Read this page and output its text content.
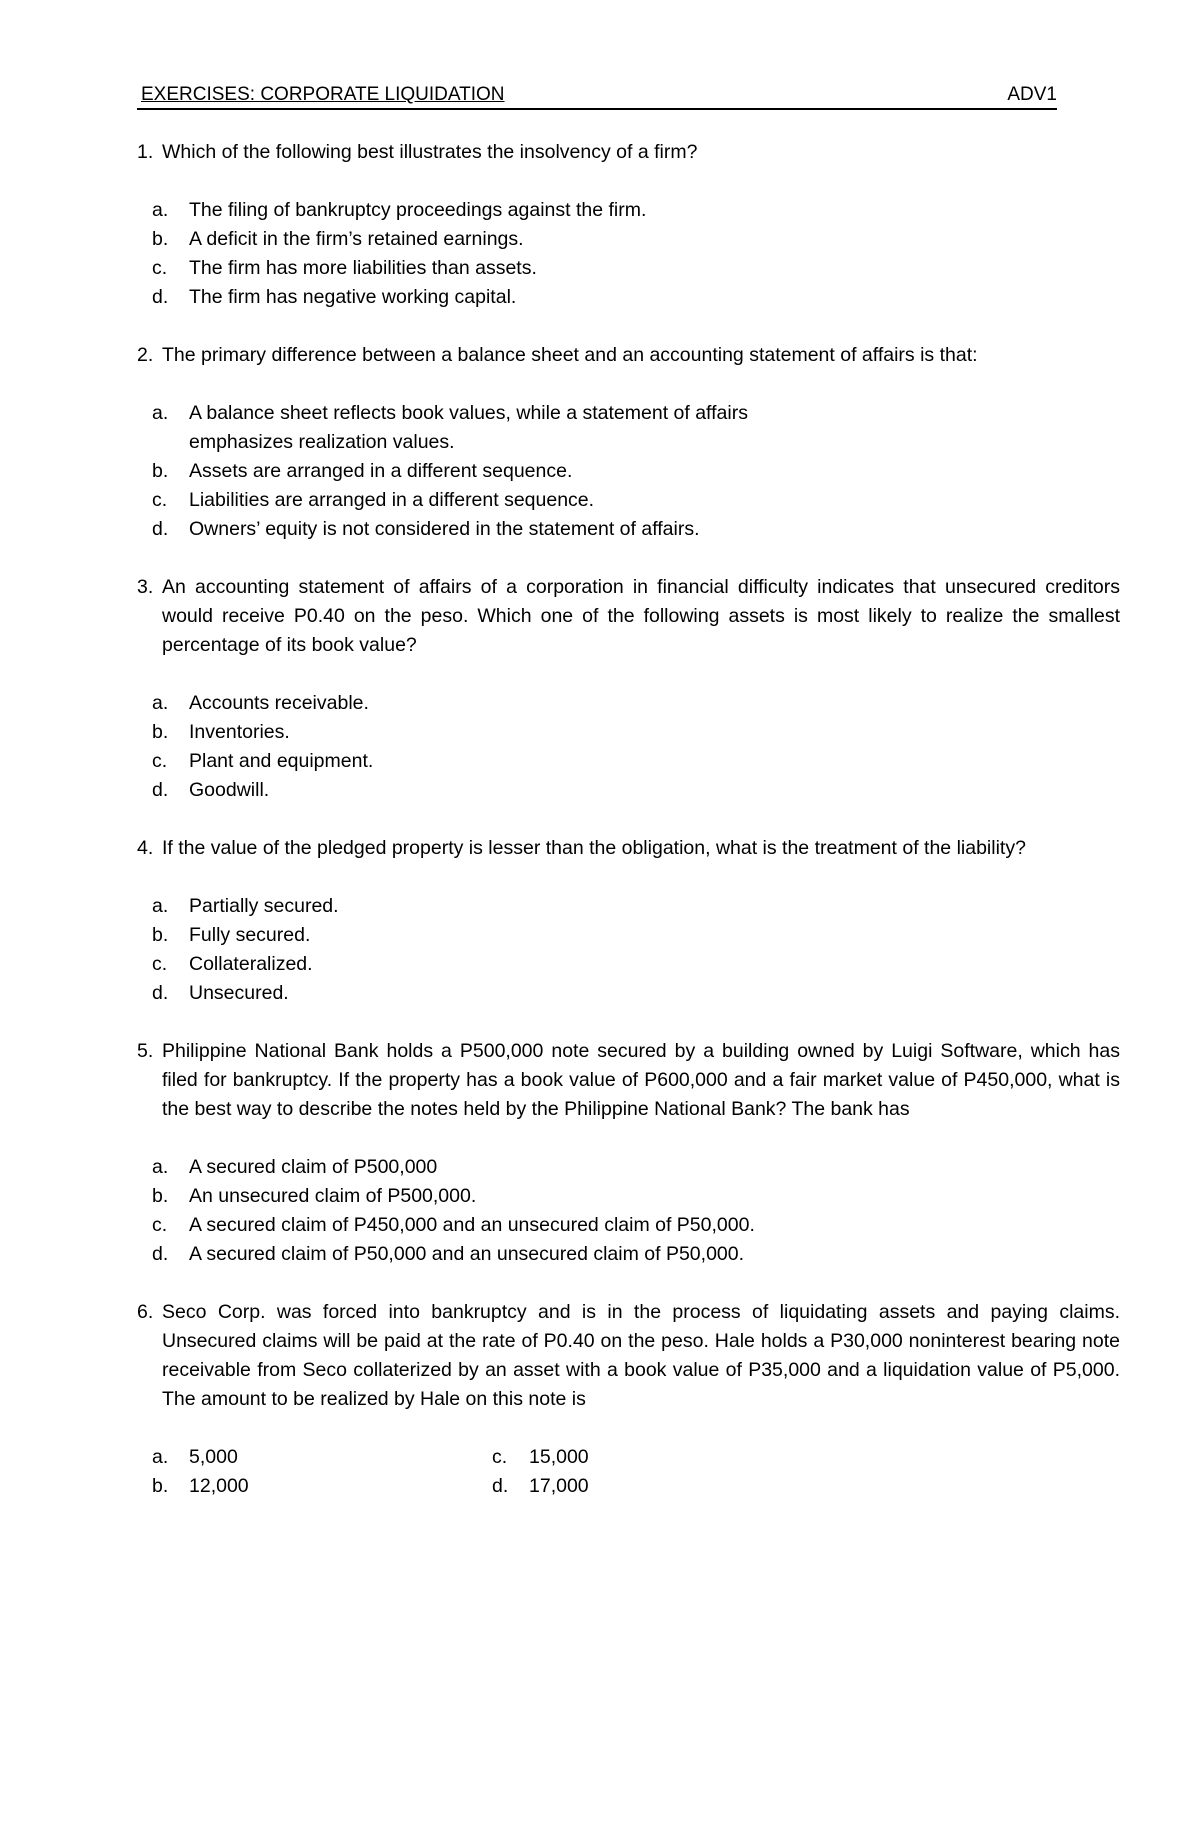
EXERCISES: CORPORATE LIQUIDATION	ADV1
1. Which of the following best illustrates the insolvency of a firm?
a.	The filing of bankruptcy proceedings against the firm.
b.	A deficit in the firm’s retained earnings.
c.	The firm has more liabilities than assets.
d.	The firm has negative working capital.
2. The primary difference between a balance sheet and an accounting statement of affairs is that:
a.	A balance sheet reflects book values, while a statement of affairs emphasizes realization values.
b.	Assets are arranged in a different sequence.
c.	Liabilities are arranged in a different sequence.
d.	Owners’ equity is not considered in the statement of affairs.
3. An accounting statement of affairs of a corporation in financial difficulty indicates that unsecured creditors would receive P0.40 on the peso. Which one of the following assets is most likely to realize the smallest percentage of its book value?
a.	Accounts receivable.
b.	Inventories.
c.	Plant and equipment.
d.	Goodwill.
4. If the value of the pledged property is lesser than the obligation, what is the treatment of the liability?
a.	Partially secured.
b.	Fully secured.
c.	Collateralized.
d.	Unsecured.
5. Philippine National Bank holds a P500,000 note secured by a building owned by Luigi Software, which has filed for bankruptcy. If the property has a book value of P600,000 and a fair market value of P450,000, what is the best way to describe the notes held by the Philippine National Bank? The bank has
a.	A secured claim of P500,000
b.	An unsecured claim of P500,000.
c.	A secured claim of P450,000 and an unsecured claim of P50,000.
d.	A secured claim of P50,000 and an unsecured claim of P50,000.
6. Seco Corp. was forced into bankruptcy and is in the process of liquidating assets and paying claims. Unsecured claims will be paid at the rate of P0.40 on the peso. Hale holds a P30,000 noninterest bearing note receivable from Seco collaterized by an asset with a book value of P35,000 and a liquidation value of P5,000. The amount to be realized by Hale on this note is
a.	5,000	c.	15,000
b.	12,000	d.	17,000
